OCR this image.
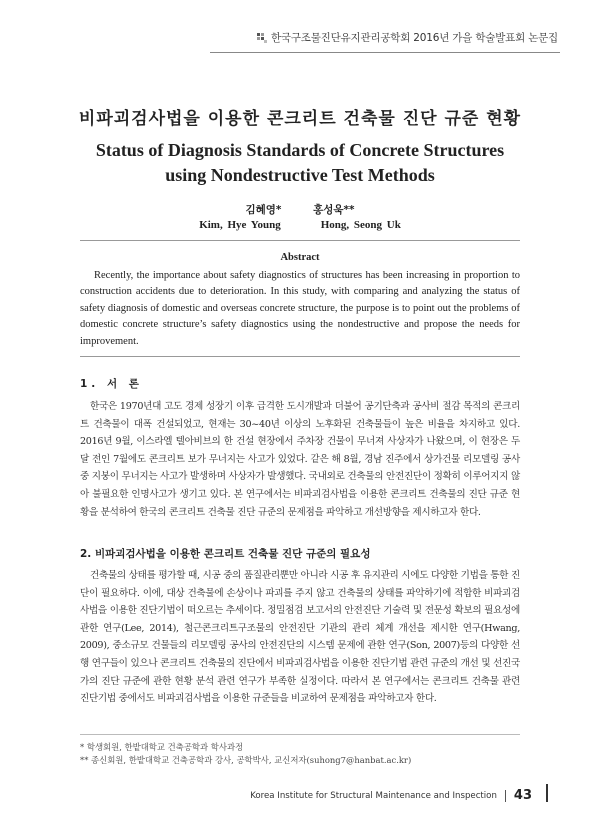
한국구조물진단유지관리공학회 2016년 가을 학술발표회 논문집
비파괴검사법을 이용한 콘크리트 건축물 진단 규준 현황
Status of Diagnosis Standards of Concrete Structures
using Nondestructive Test Methods
김혜영*	홍성욱**
Kim, Hye Young	Hong, Seong Uk
Abstract
Recently, the importance about safety diagnostics of structures has been increasing in proportion to construction accidents due to deterioration. In this study, with comparing and analyzing the status of safety diagnosis of domestic and overseas concrete structure, the purpose is to point out the problems of domestic concrete structure’s safety diagnostics using the nondestructive and propose the needs for improvement.
1. 서 론
한국은 1970년대 고도 경제 성장기 이후 급격한 도시개발과 더불어 공기단축과 공사비 절감 목적의 콘크리트 건축물이 대폭 건설되었고, 현재는 30~40년 이상의 노후화된 건축물들이 높은 비율을 차지하고 있다. 2016년 9월, 이스라엘 텔아비브의 한 건설 현장에서 주차장 건물이 무너져 사상자가 나왔으며, 이 현장은 두 달 전인 7월에도 콘크리트 보가 무너지는 사고가 있었다. 같은 해 8월, 경남 진주에서 상가건물 리모델링 공사 중 지붕이 무너지는 사고가 발생하며 사상자가 발생했다. 국내외로 건축물의 안전진단이 정확히 이루어지지 않아 불필요한 인명사고가 생기고 있다. 본 연구에서는 비파괴검사법을 이용한 콘크리트 건축물의 진단 규준 현황을 분석하여 한국의 콘크리트 건축물 진단 규준의 문제점을 파악하고 개선방향을 제시하고자 한다.
2. 비파괴검사법을 이용한 콘크리트 건축물 진단 규준의 필요성
건축물의 상태를 평가할 때, 시공 중의 품질관리뿐만 아니라 시공 후 유지관리 시에도 다양한 기법을 통한 진단이 필요하다. 이에, 대상 건축물에 손상이나 파괴를 주지 않고 건축물의 상태를 파악하기에 적합한 비파괴검사법을 이용한 진단기법이 떠오르는 추세이다. 정밀점검 보고서의 안전진단 기술력 및 전문성 확보의 필요성에 관한 연구(Lee, 2014), 철근콘크리트구조물의 안전진단 기관의 관리 체계 개선을 제시한 연구(Hwang, 2009), 중소규모 건물들의 리모델링 공사의 안전진단의 시스템 문제에 관한 연구(Son, 2007)등의 다양한 선행 연구들이 있으나 콘크리트 건축물의 진단에서 비파괴검사법을 이용한 진단기법 관련 규준의 개선 및 선진국가의 진단 규준에 관한 현황 분석 관련 연구가 부족한 실정이다. 따라서 본 연구에서는 콘크리트 건축물 관련 진단기법 중에서도 비파괴검사법을 이용한 규준들을 비교하여 문제점을 파악하고자 한다.
* 학생회원, 한밭대학교 건축공학과 학사과정
** 종신회원, 한밭대학교 건축공학과 강사, 공학박사, 교신저자(suhong7@hanbat.ac.kr)
Korea Institute for Structural Maintenance and Inspection 43
